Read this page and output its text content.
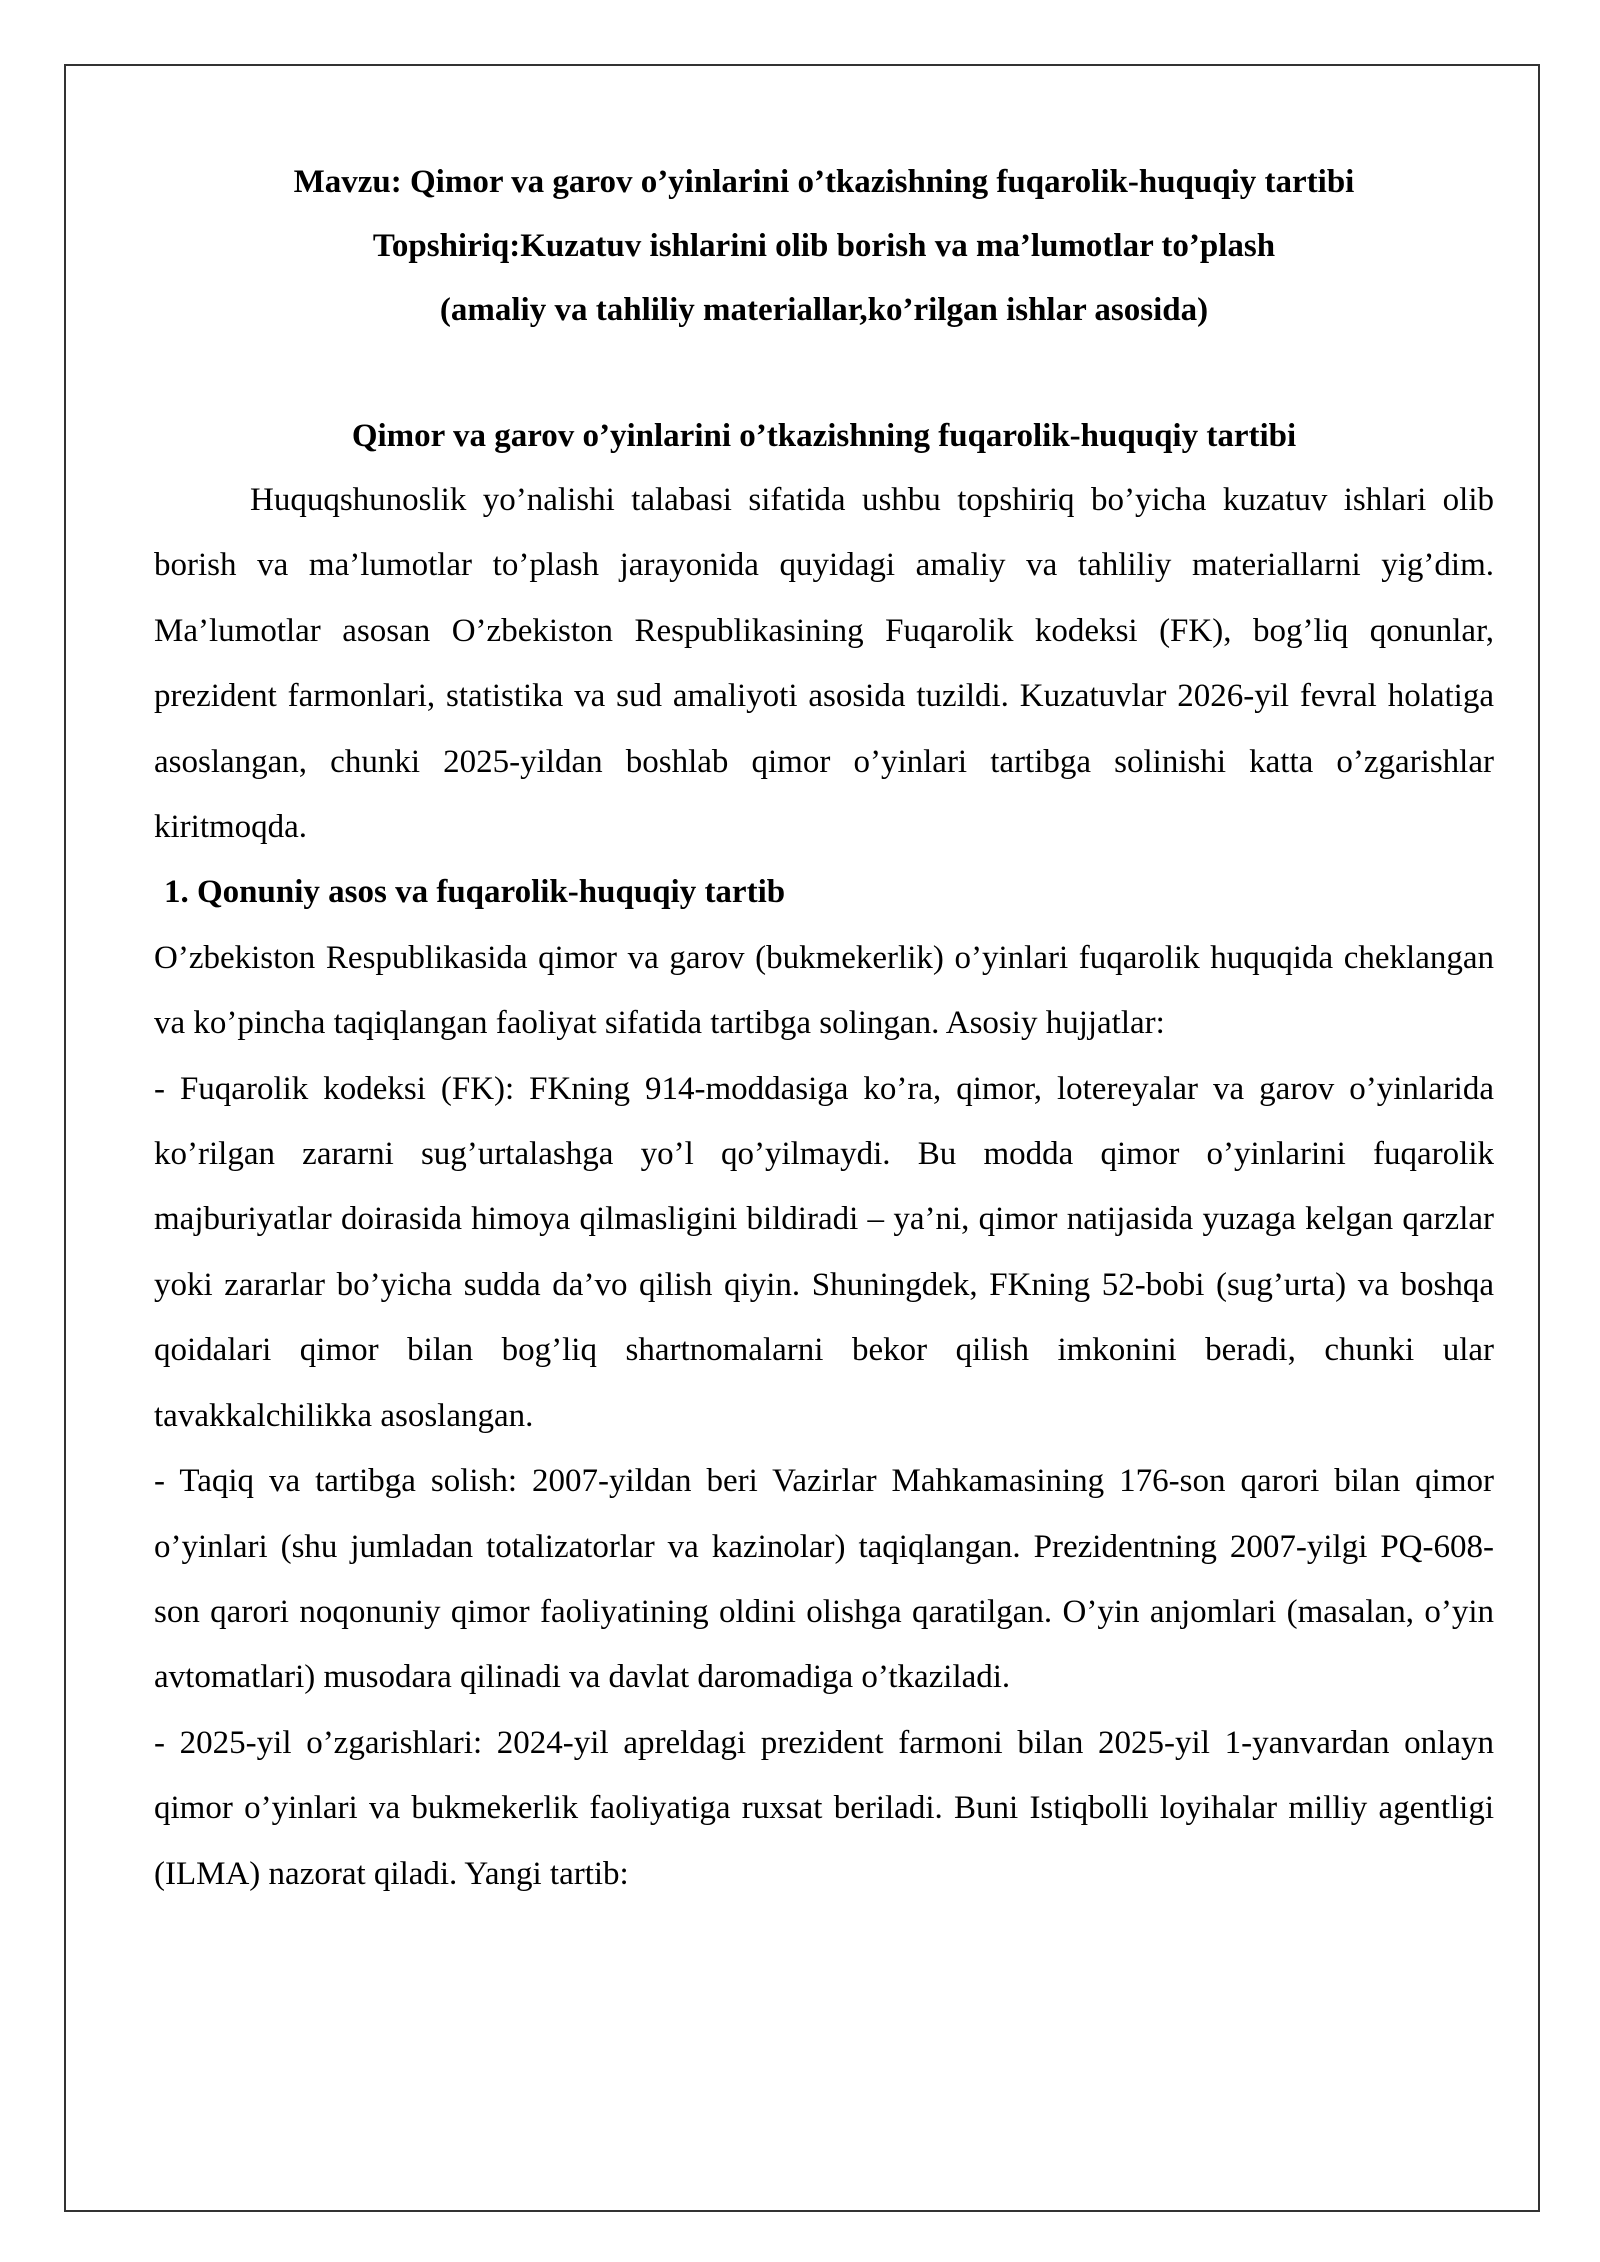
Mavzu: Qimor va garov o’yinlarini o’tkazishning fuqarolik-huquqiy tartibi

Topshiriq:Kuzatuv ishlarini olib borish va ma’lumotlar to’plash

(amaliy va tahliliy materiallar,ko’rilgan ishlar asosida)

Qimor va garov o’yinlarini o’tkazishning fuqarolik-huquqiy tartibi

Huquqshunoslik yo’nalishi talabasi sifatida ushbu topshiriq bo’yicha kuzatuv ishlari olib borish va ma’lumotlar to’plash jarayonida quyidagi amaliy va tahliliy materiallarni yig’dim. Ma’lumotlar asosan O’zbekiston Respublikasining Fuqarolik kodeksi (FK), bog’liq qonunlar, prezident farmonlari, statistika va sud amaliyoti asosida tuzildi. Kuzatuvlar 2026-yil fevral holatiga asoslangan, chunki 2025-yildan boshlab qimor o’yinlari tartibga solinishi katta o’zgarishlar kiritmoqda.

1. Qonuniy asos va fuqarolik-huquqiy tartib

O’zbekiston Respublikasida qimor va garov (bukmekerlik) o’yinlari fuqarolik huquqida cheklangan va ko’pincha taqiqlangan faoliyat sifatida tartibga solingan. Asosiy hujjatlar:

- Fuqarolik kodeksi (FK): FKning 914-moddasiga ko’ra, qimor, lotereyalar va garov o’yinlarida ko’rilgan zararni sug’urtalashga yo’l qo’yilmaydi. Bu modda qimor o’yinlarini fuqarolik majburiyatlar doirasida himoya qilmasligini bildiradi – ya’ni, qimor natijasida yuzaga kelgan qarzlar yoki zararlar bo’yicha sudda da’vo qilish qiyin. Shuningdek, FKning 52-bobi (sug’urta) va boshqa qoidalari qimor bilan bog’liq shartnomalarni bekor qilish imkonini beradi, chunki ular tavakkalchilikka asoslangan.

- Taqiq va tartibga solish: 2007-yildan beri Vazirlar Mahkamasining 176-son qarori bilan qimor o’yinlari (shu jumladan totalizatorlar va kazinolar) taqiqlangan. Prezidentning 2007-yilgi PQ-608-son qarori noqonuniy qimor faoliyatining oldini olishga qaratilgan. O’yin anjomlari (masalan, o’yin avtomatlari) musodara qilinadi va davlat daromadiga o’tkaziladi.

- 2025-yil o’zgarishlari: 2024-yil apreldagi prezident farmoni bilan 2025-yil 1-yanvardan onlayn qimor o’yinlari va bukmekerlik faoliyatiga ruxsat beriladi. Buni Istiqbolli loyihalar milliy agentligi (ILMA) nazorat qiladi. Yangi tartib:
